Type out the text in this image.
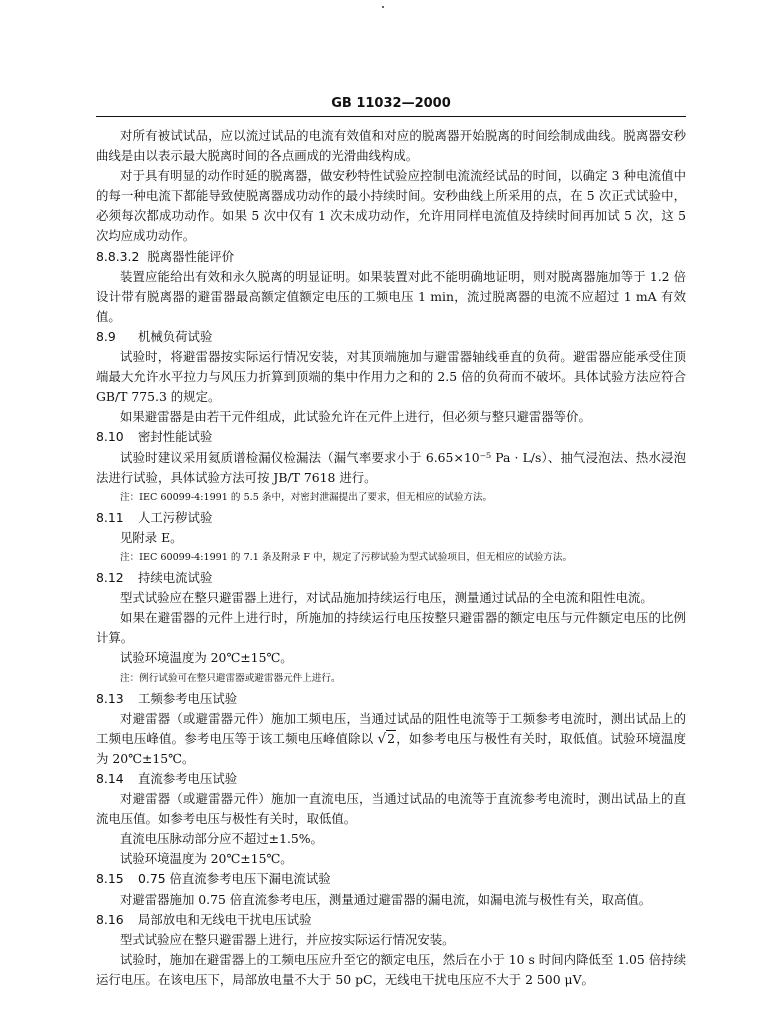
GB 11032—2000

对所有被试试品，应以流过试品的电流有效值和对应的脱离器开始脱离的时间绘制成曲线。脱离器安秒曲线是由以表示最大脱离时间的各点画成的光滑曲线构成。

对于具有明显的动作时延的脱离器，做安秒特性试验应控制电流流经试品的时间，以确定 3 种电流值中的每一种电流下都能导致使脱离器成功动作的最小持续时间。安秒曲线上所采用的点，在 5 次正式试验中，必须每次都成功动作。如果 5 次中仅有 1 次未成功动作，允许用同样电流值及持续时间再加试 5 次，这 5 次均应成功动作。

8.8.3.2 脱离器性能评价

装置应能给出有效和永久脱离的明显证明。如果装置对此不能明确地证明，则对脱离器施加等于 1.2 倍设计带有脱离器的避雷器最高额定值额定电压的工频电压 1 min，流过脱离器的电流不应超过 1 mA 有效值。

8.9 机械负荷试验

试验时，将避雷器按实际运行情况安装，对其顶端施加与避雷器轴线垂直的负荷。避雷器应能承受住顶端最大允许水平拉力与风压力折算到顶端的集中作用力之和的 2.5 倍的负荷而不破坏。具体试验方法应符合 GB/T 775.3 的规定。

如果避雷器是由若干元件组成，此试验允许在元件上进行，但必须与整只避雷器等价。

8.10 密封性能试验

试验时建议采用氦质谱检漏仪检漏法（漏气率要求小于 6.65×10⁻⁵ Pa · L/s）、抽气浸泡法、热水浸泡法进行试验，具体试验方法可按 JB/T 7618 进行。

注：IEC 60099-4:1991 的 5.5 条中，对密封泄漏提出了要求，但无相应的试验方法。

8.11 人工污秽试验

见附录 E。

注：IEC 60099-4:1991 的 7.1 条及附录 F 中，规定了污秽试验为型式试验项目，但无相应的试验方法。

8.12 持续电流试验

型式试验应在整只避雷器上进行，对试品施加持续运行电压，测量通过试品的全电流和阻性电流。

如果在避雷器的元件上进行时，所施加的持续运行电压按整只避雷器的额定电压与元件额定电压的比例计算。

试验环境温度为 20℃±15℃。

注：例行试验可在整只避雷器或避雷器元件上进行。

8.13 工频参考电压试验

对避雷器（或避雷器元件）施加工频电压，当通过试品的阻性电流等于工频参考电流时，测出试品上的工频电压峰值。参考电压等于该工频电压峰值除以 √2，如参考电压与极性有关时，取低值。试验环境温度为 20℃±15℃。

8.14 直流参考电压试验

对避雷器（或避雷器元件）施加一直流电压，当通过试品的电流等于直流参考电流时，测出试品上的直流电压值。如参考电压与极性有关时，取低值。

直流电压脉动部分应不超过±1.5%。

试验环境温度为 20℃±15℃。

8.15 0.75 倍直流参考电压下漏电流试验

对避雷器施加 0.75 倍直流参考电压，测量通过避雷器的漏电流，如漏电流与极性有关，取高值。

8.16 局部放电和无线电干扰电压试验

型式试验应在整只避雷器上进行，并应按实际运行情况安装。

试验时，施加在避雷器上的工频电压应升至它的额定电压，然后在小于 10 s 时间内降低至 1.05 倍持续运行电压。在该电压下，局部放电量不大于 50 pC，无线电干扰电压应不大于 2 500 μV。
